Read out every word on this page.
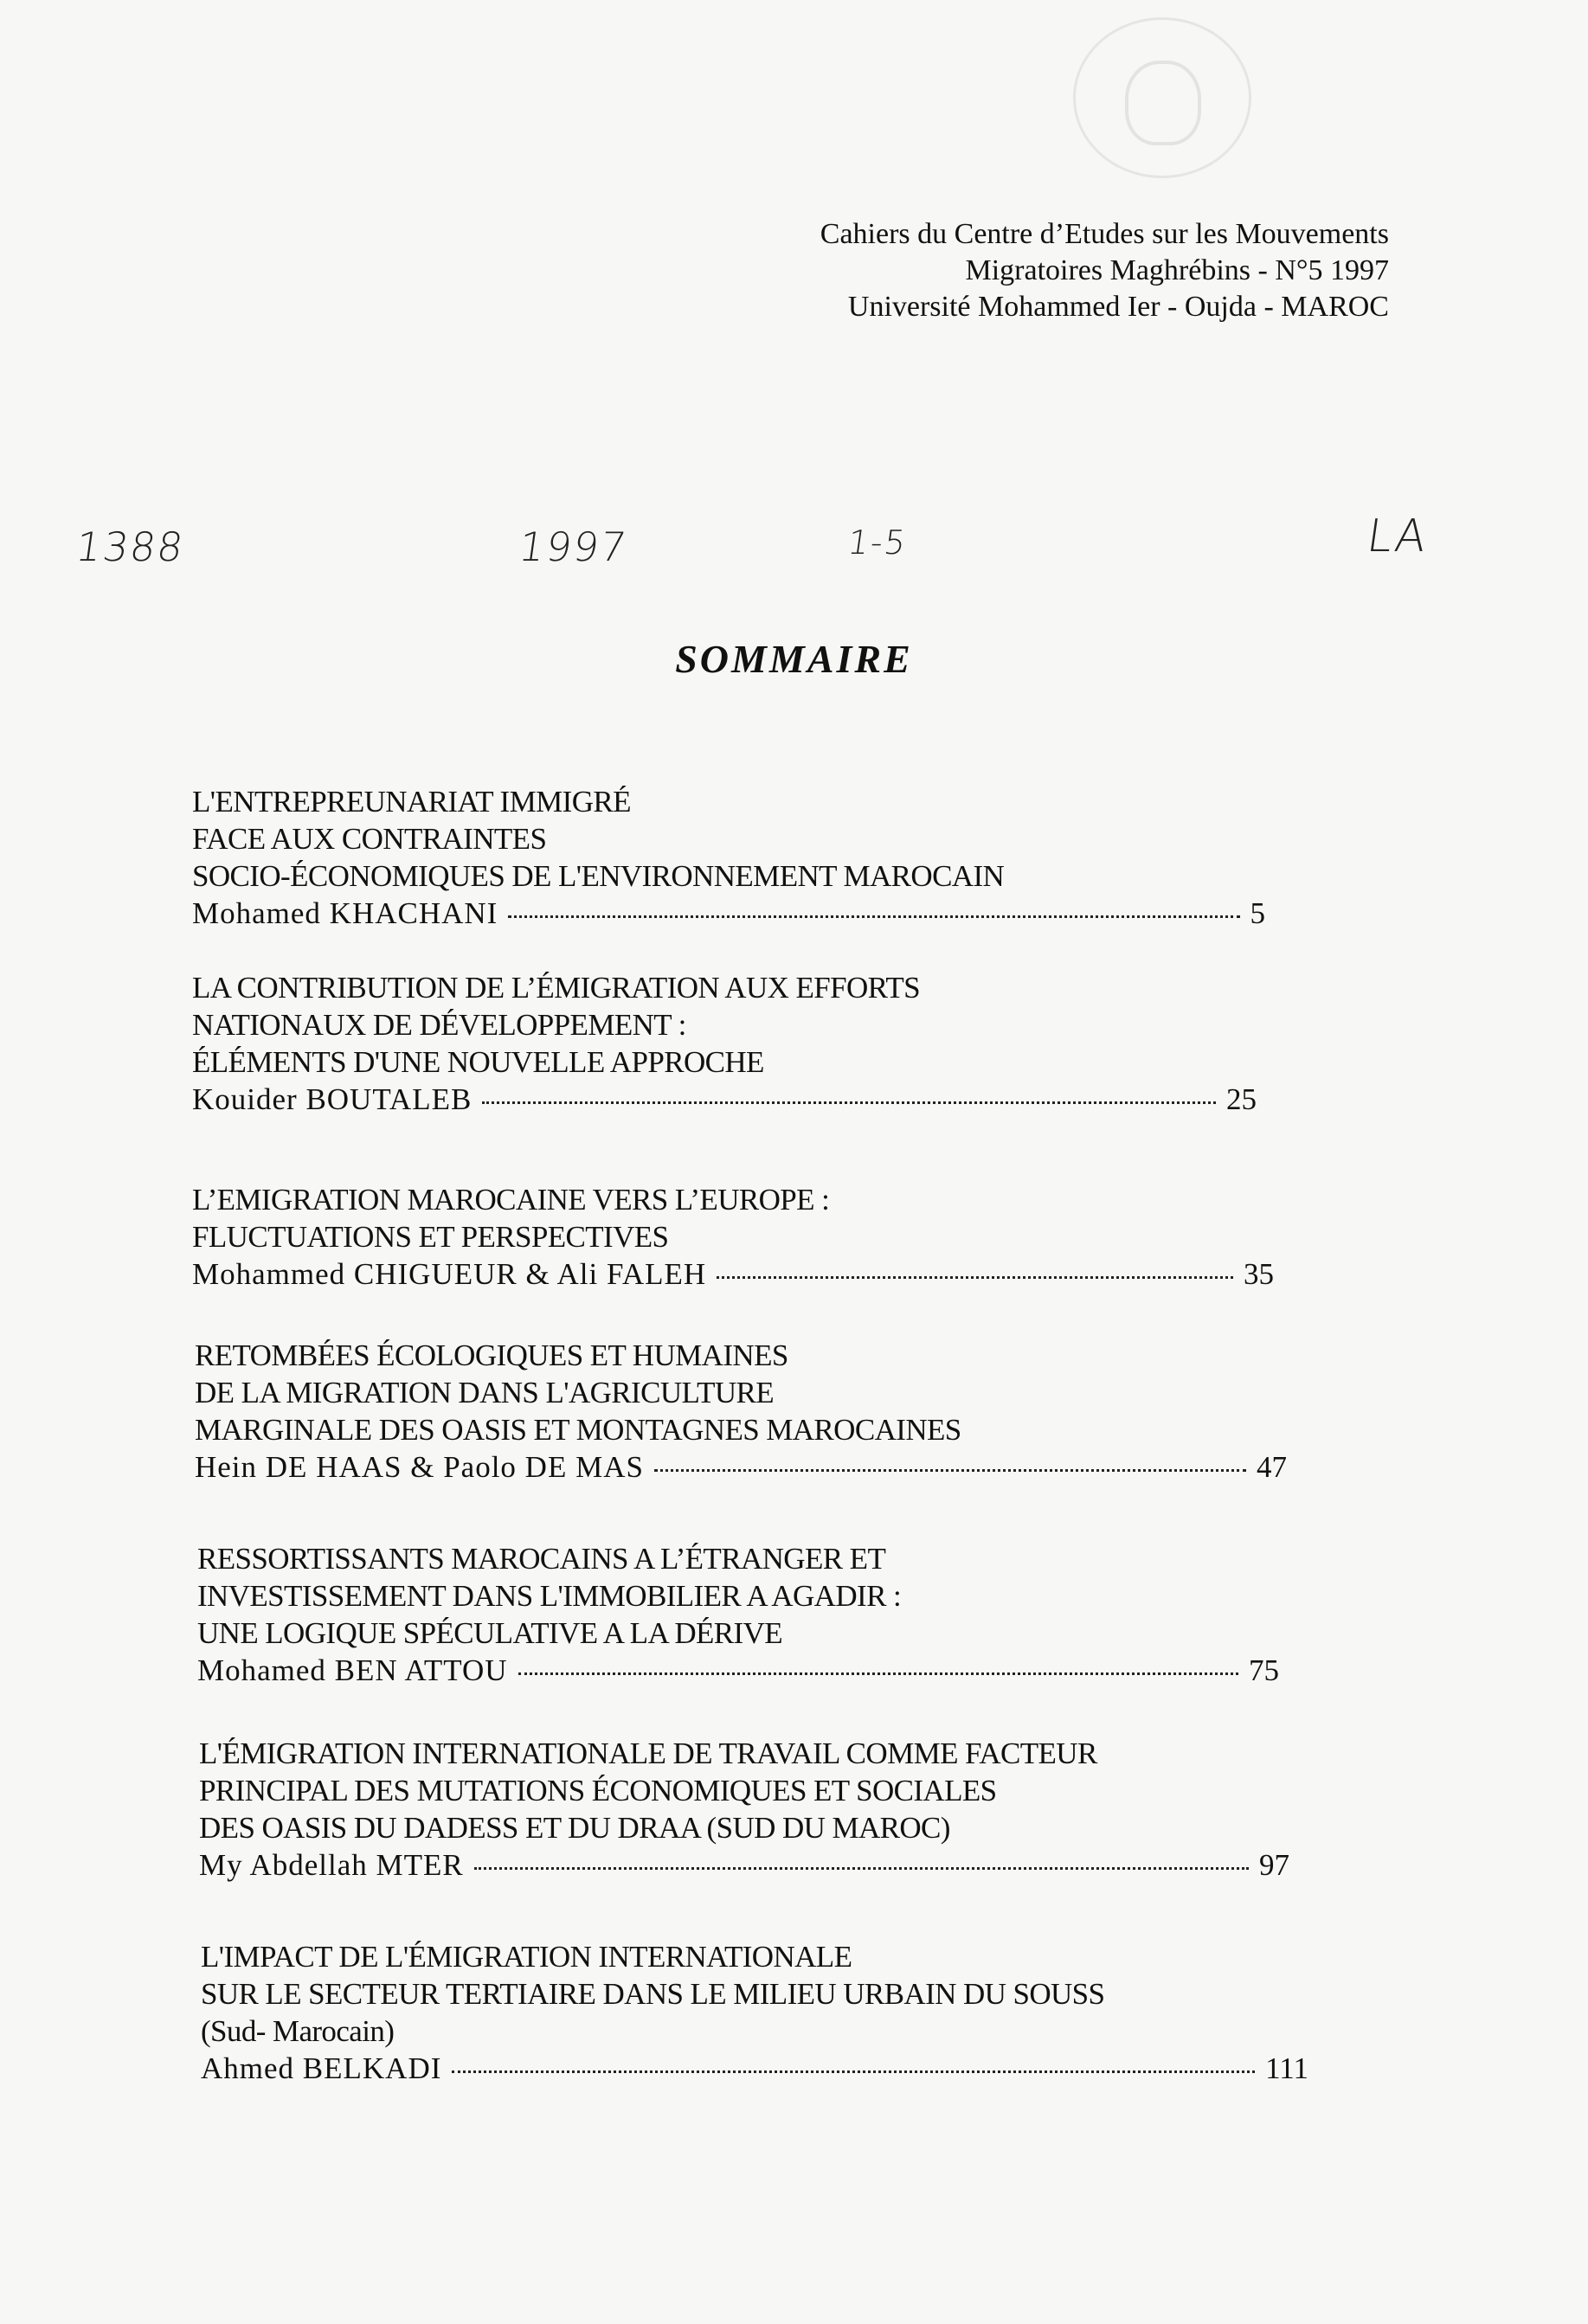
Cahiers du Centre d’Etudes sur les Mouvements
Migratoires Maghrébins - N°5 1997
Université Mohammed Ier - Oujda - MAROC
1388	1997	1-5	LA
SOMMAIRE
L'ENTREPREUNARIAT IMMIGRÉ
FACE AUX CONTRAINTES
SOCIO-ÉCONOMIQUES DE L'ENVIRONNEMENT MAROCAIN
Mohamed KHACHANI	5
LA CONTRIBUTION DE L’ÉMIGRATION AUX EFFORTS
NATIONAUX DE DÉVELOPPEMENT :
ÉLÉMENTS D'UNE NOUVELLE APPROCHE
Kouider BOUTALEB	25
L’EMIGRATION MAROCAINE VERS L’EUROPE :
FLUCTUATIONS ET PERSPECTIVES
Mohammed CHIGUEUR & Ali FALEH	35
RETOMBÉES ÉCOLOGIQUES ET HUMAINES
DE LA MIGRATION DANS L'AGRICULTURE
MARGINALE DES OASIS ET MONTAGNES MAROCAINES
Hein DE HAAS & Paolo DE MAS	47
RESSORTISSANTS MAROCAINS A L’ÉTRANGER ET
INVESTISSEMENT DANS L'IMMOBILIER A AGADIR :
UNE LOGIQUE SPÉCULATIVE A LA DÉRIVE
Mohamed BEN ATTOU	75
L'ÉMIGRATION INTERNATIONALE DE TRAVAIL COMME FACTEUR
PRINCIPAL DES MUTATIONS ÉCONOMIQUES ET SOCIALES
DES OASIS DU DADESS ET DU DRAA (SUD DU MAROC)
My Abdellah MTER	97
L'IMPACT DE L'ÉMIGRATION INTERNATIONALE
SUR LE SECTEUR TERTIAIRE DANS LE MILIEU URBAIN DU SOUSS
(Sud- Marocain)
Ahmed BELKADI	111
